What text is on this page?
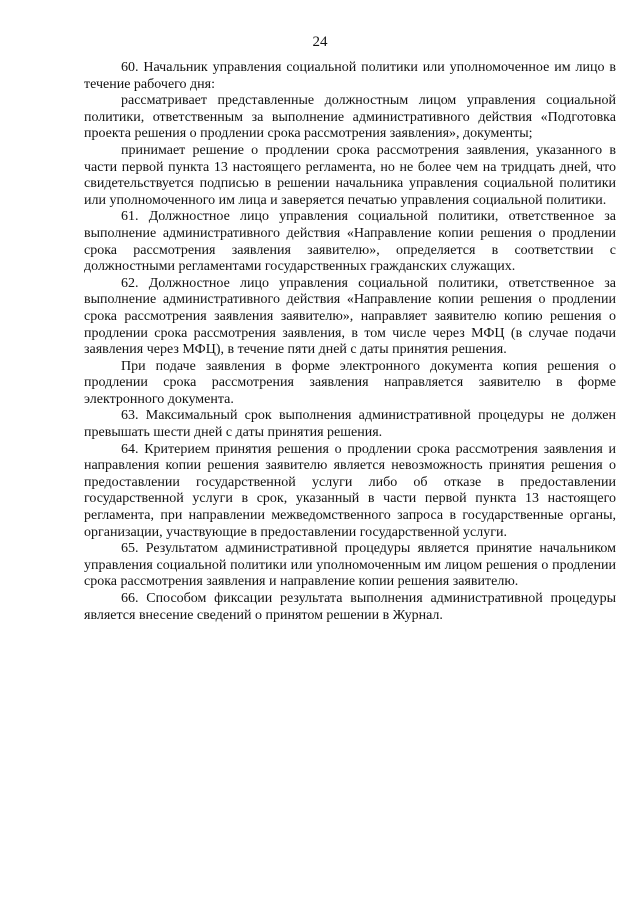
24

60. Начальник управления социальной политики или уполномоченное им лицо в течение рабочего дня:

рассматривает представленные должностным лицом управления социальной политики, ответственным за выполнение административного действия «Подготовка проекта решения о продлении срока рассмотрения заявления», документы;

принимает решение о продлении срока рассмотрения заявления, указанного в части первой пункта 13 настоящего регламента, но не более чем на тридцать дней, что свидетельствуется подписью в решении начальника управления социальной политики или уполномоченного им лица и заверяется печатью управления социальной политики.

61. Должностное лицо управления социальной политики, ответственное за выполнение административного действия «Направление копии решения о продлении срока рассмотрения заявления заявителю», определяется в соответствии с должностными регламентами государственных гражданских служащих.

62. Должностное лицо управления социальной политики, ответственное за выполнение административного действия «Направление копии решения о продлении срока рассмотрения заявления заявителю», направляет заявителю копию решения о продлении срока рассмотрения заявления, в том числе через МФЦ (в случае подачи заявления через МФЦ), в течение пяти дней с даты принятия решения.

При подаче заявления в форме электронного документа копия решения о продлении срока рассмотрения заявления направляется заявителю в форме электронного документа.

63. Максимальный срок выполнения административной процедуры не должен превышать шести дней с даты принятия решения.

64. Критерием принятия решения о продлении срока рассмотрения заявления и направления копии решения заявителю является невозможность принятия решения о предоставлении государственной услуги либо об отказе в предоставлении государственной услуги в срок, указанный в части первой пункта 13 настоящего регламента, при направлении межведомственного запроса в государственные органы, организации, участвующие в предоставлении государственной услуги.

65. Результатом административной процедуры является принятие начальником управления социальной политики или уполномоченным им лицом решения о продлении срока рассмотрения заявления и направление копии решения заявителю.

66. Способом фиксации результата выполнения административной процедуры является внесение сведений о принятом решении в Журнал.
